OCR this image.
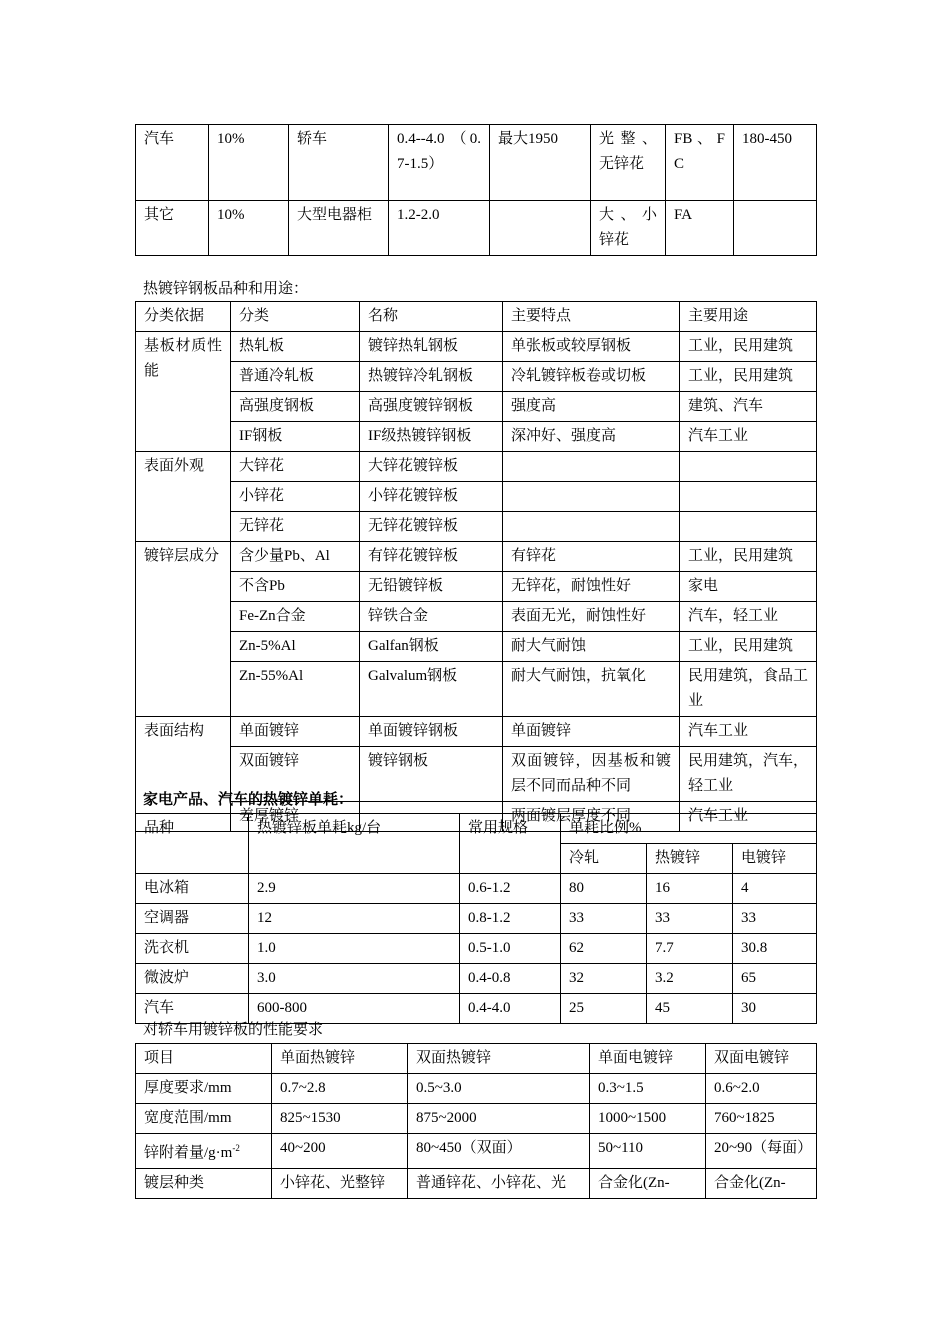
汽车	10%	轿车	0.4--4.0 （0.7-1.5）	最大1950	光整、无锌花	FB、FC	180-450
其它	10%	大型电器柜	1.2-2.0		大、小锌花	FA	
热镀锌钢板品种和用途：
分类依据	分类	名称	主要特点	主要用途
基板材质性能	热轧板	镀锌热轧钢板	单张板或较厚钢板	工业，民用建筑
	普通冷轧板	热镀锌冷轧钢板	冷轧镀锌板卷或切板	工业，民用建筑
	高强度钢板	高强度镀锌钢板	强度高	建筑、汽车
	IF钢板	IF级热镀锌钢板	深冲好、强度高	汽车工业
表面外观	大锌花	大锌花镀锌板		
	小锌花	小锌花镀锌板		
	无锌花	无锌花镀锌板		
镀锌层成分	含少量Pb、Al	有锌花镀锌板	有锌花	工业，民用建筑
	不含Pb	无铅镀锌板	无锌花，耐蚀性好	家电
	Fe-Zn合金	锌铁合金	表面无光，耐蚀性好	汽车，轻工业
	Zn-5%Al	Galfan钢板	耐大气耐蚀	工业，民用建筑
	Zn-55%Al	Galvalum钢板	耐大气耐蚀，抗氧化	民用建筑，食品工业
表面结构	单面镀锌	单面镀锌钢板	单面镀锌	汽车工业
	双面镀锌	镀锌钢板	双面镀锌，因基板和镀层不同而品种不同	民用建筑，汽车，轻工业
	差厚镀锌		两面镀层厚度不同	汽车工业
家电产品、汽车的热镀锌单耗：
品种	热镀锌板单耗kg/台	常用规格	单耗比例%		
			冷轧	热镀锌	电镀锌
电冰箱	2.9	0.6-1.2	80	16	4
空调器	12	0.8-1.2	33	33	33
洗衣机	1.0	0.5-1.0	62	7.7	30.8
微波炉	3.0	0.4-0.8	32	3.2	65
汽车	600-800	0.4-4.0	25	45	30
对轿车用镀锌板的性能要求
项目	单面热镀锌	双面热镀锌	单面电镀锌	双面电镀锌
厚度要求/mm	0.7~2.8	0.5~3.0	0.3~1.5	0.6~2.0
宽度范围/mm	825~1530	875~2000	1000~1500	760~1825
锌附着量$/g\cdot m^{-2}$	40~200	80~450（双面）	50~110	20~90（每面）
镀层种类	小锌花、光整锌	普通锌花、小锌花、光	合金化(Zn-	合金化(Zn-
